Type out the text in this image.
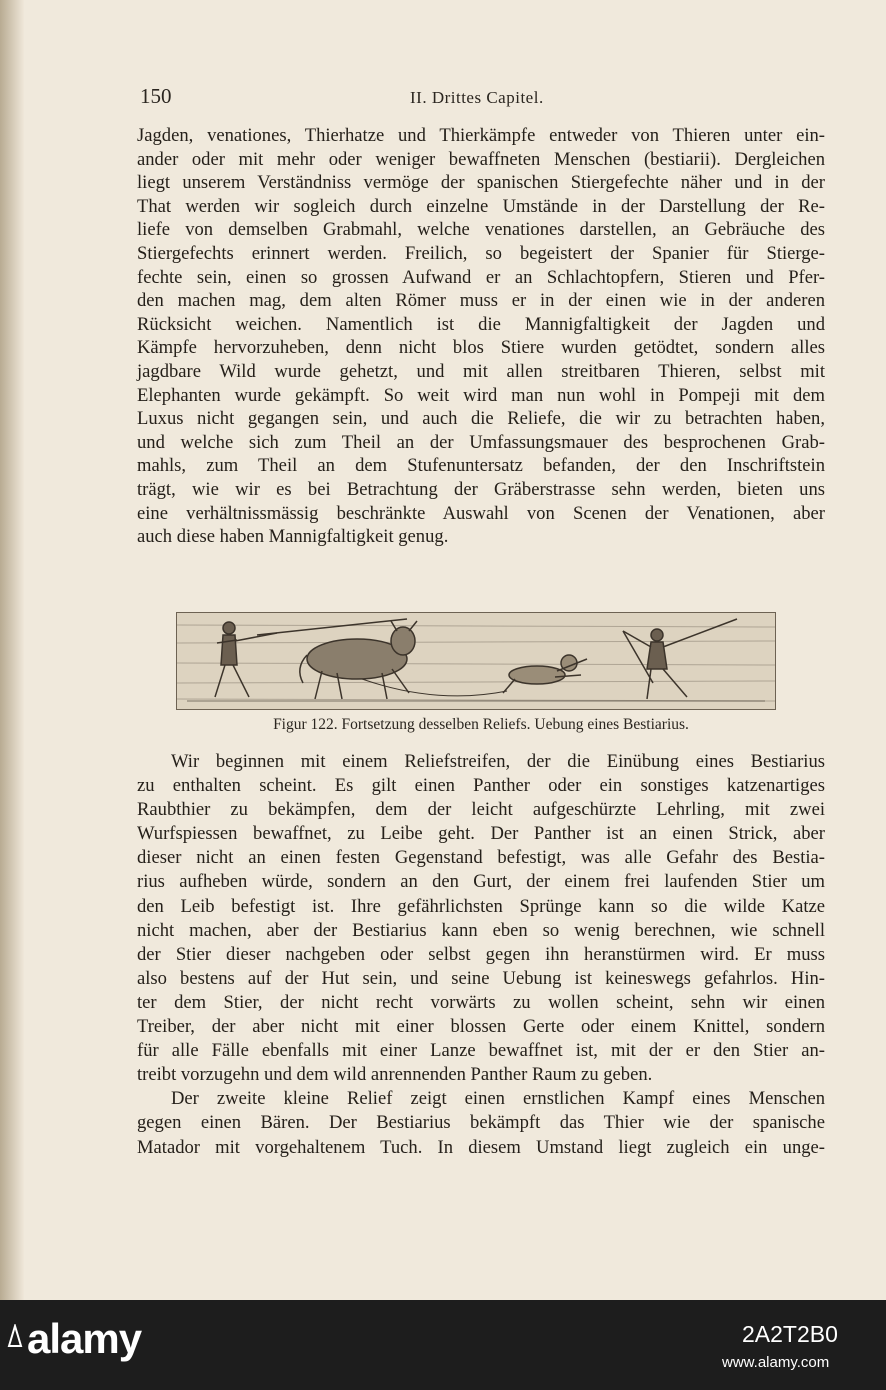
150	II. Drittes Capitel.
Jagden, venationes, Thierhatze und Thierkämpfe entweder von Thieren unter ein-
ander oder mit mehr oder weniger bewaffneten Menschen (bestiarii). Dergleichen
liegt unserem Verständniss vermöge der spanischen Stiergefechte näher und in der
That werden wir sogleich durch einzelne Umstände in der Darstellung der Re-
liefe von demselben Grabmahl, welche venationes darstellen, an Gebräuche des
Stiergefechts erinnert werden. Freilich, so begeistert der Spanier für Stierge-
fechte sein, einen so grossen Aufwand er an Schlachtopfern, Stieren und Pfer-
den machen mag, dem alten Römer muss er in der einen wie in der anderen
Rücksicht weichen. Namentlich ist die Mannigfaltigkeit der Jagden und
Kämpfe hervorzuheben, denn nicht blos Stiere wurden getödtet, sondern alles
jagdbare Wild wurde gehetzt, und mit allen streitbaren Thieren, selbst mit
Elephanten wurde gekämpft. So weit wird man nun wohl in Pompeji mit dem
Luxus nicht gegangen sein, und auch die Reliefe, die wir zu betrachten haben,
und welche sich zum Theil an der Umfassungsmauer des besprochenen Grab-
mahls, zum Theil an dem Stufenuntersatz befanden, der den Inschriftstein
trägt, wie wir es bei Betrachtung der Gräberstrasse sehn werden, bieten uns
eine verhältnissmässig beschränkte Auswahl von Scenen der Venationen, aber
auch diese haben Mannigfaltigkeit genug.
Figur 122. Fortsetzung desselben Reliefs. Uebung eines Bestiarius.
Wir beginnen mit einem Reliefstreifen, der die Einübung eines Bestiarius
zu enthalten scheint. Es gilt einen Panther oder ein sonstiges katzenartiges
Raubthier zu bekämpfen, dem der leicht aufgeschürzte Lehrling, mit zwei
Wurfspiessen bewaffnet, zu Leibe geht. Der Panther ist an einen Strick, aber
dieser nicht an einen festen Gegenstand befestigt, was alle Gefahr des Bestia-
rius aufheben würde, sondern an den Gurt, der einem frei laufenden Stier um
den Leib befestigt ist. Ihre gefährlichsten Sprünge kann so die wilde Katze
nicht machen, aber der Bestiarius kann eben so wenig berechnen, wie schnell
der Stier dieser nachgeben oder selbst gegen ihn heranstürmen wird. Er muss
also bestens auf der Hut sein, und seine Uebung ist keineswegs gefahrlos. Hin-
ter dem Stier, der nicht recht vorwärts zu wollen scheint, sehn wir einen
Treiber, der aber nicht mit einer blossen Gerte oder einem Knittel, sondern
für alle Fälle ebenfalls mit einer Lanze bewaffnet ist, mit der er den Stier an-
treibt vorzugehn und dem wild anrennenden Panther Raum zu geben.
Der zweite kleine Relief zeigt einen ernstlichen Kampf eines Menschen
gegen einen Bären. Der Bestiarius bekämpft das Thier wie der spanische
Matador mit vorgehaltenem Tuch. In diesem Umstand liegt zugleich ein unge-
alamy	2A2T2B0
www.alamy.com
